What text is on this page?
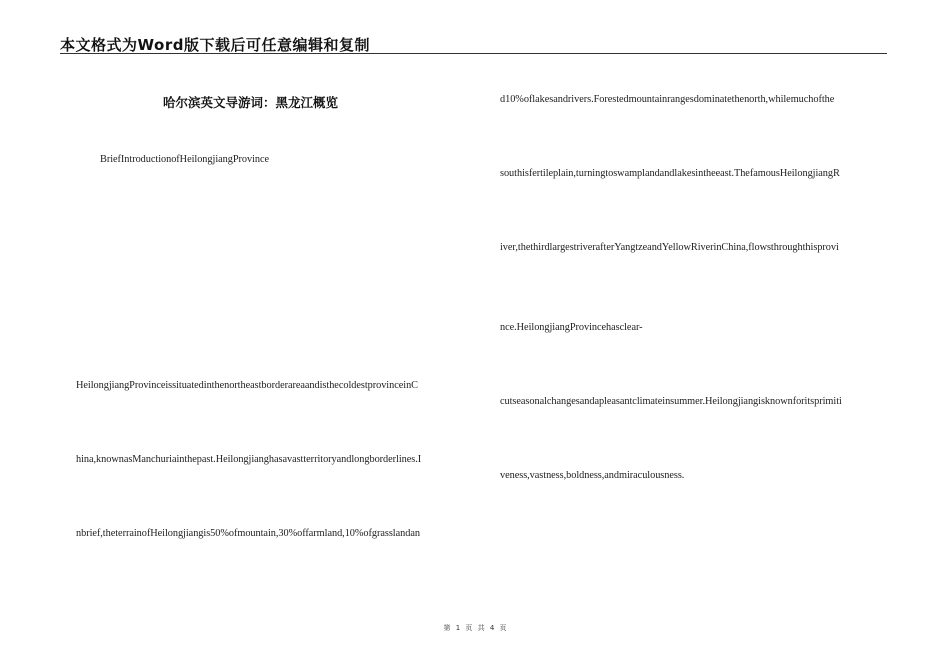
本文格式为Word版下载后可任意编辑和复制
哈尔滨英文导游词：黑龙江概览
BriefIntroductionofHeilongjiangProvince
HeilongjiangProvinceissituatedinthenortheastborderareaandisthecoldestprovinceinC
hina,knownasManchuriainthepast.Heilongjianghasavastterritoryandlongborderlines.I
nbrief,theterrainofHeilongjiangis50%ofmountain,30%offarmland,10%ofgrasslandan
d10%oflakesandrivers.Forestedmountainrangesdominatethenorth,whilemuchofthe
southisfertileplain,turningtoswamplandandlakesintheeast.ThefamousHeilongjiangR
iver,thethirdlargestriverafterYangtzeandYellowRiverinChina,flowsthroughthisprovi
nce.HeilongjiangProvincehasclear-
cutseasonalchangesandapleasantclimateinsummer.Heilongjiangisknownforitsprimiti
veness,vastness,boldness,andmiraculousness.
第 1 页 共 4 页
